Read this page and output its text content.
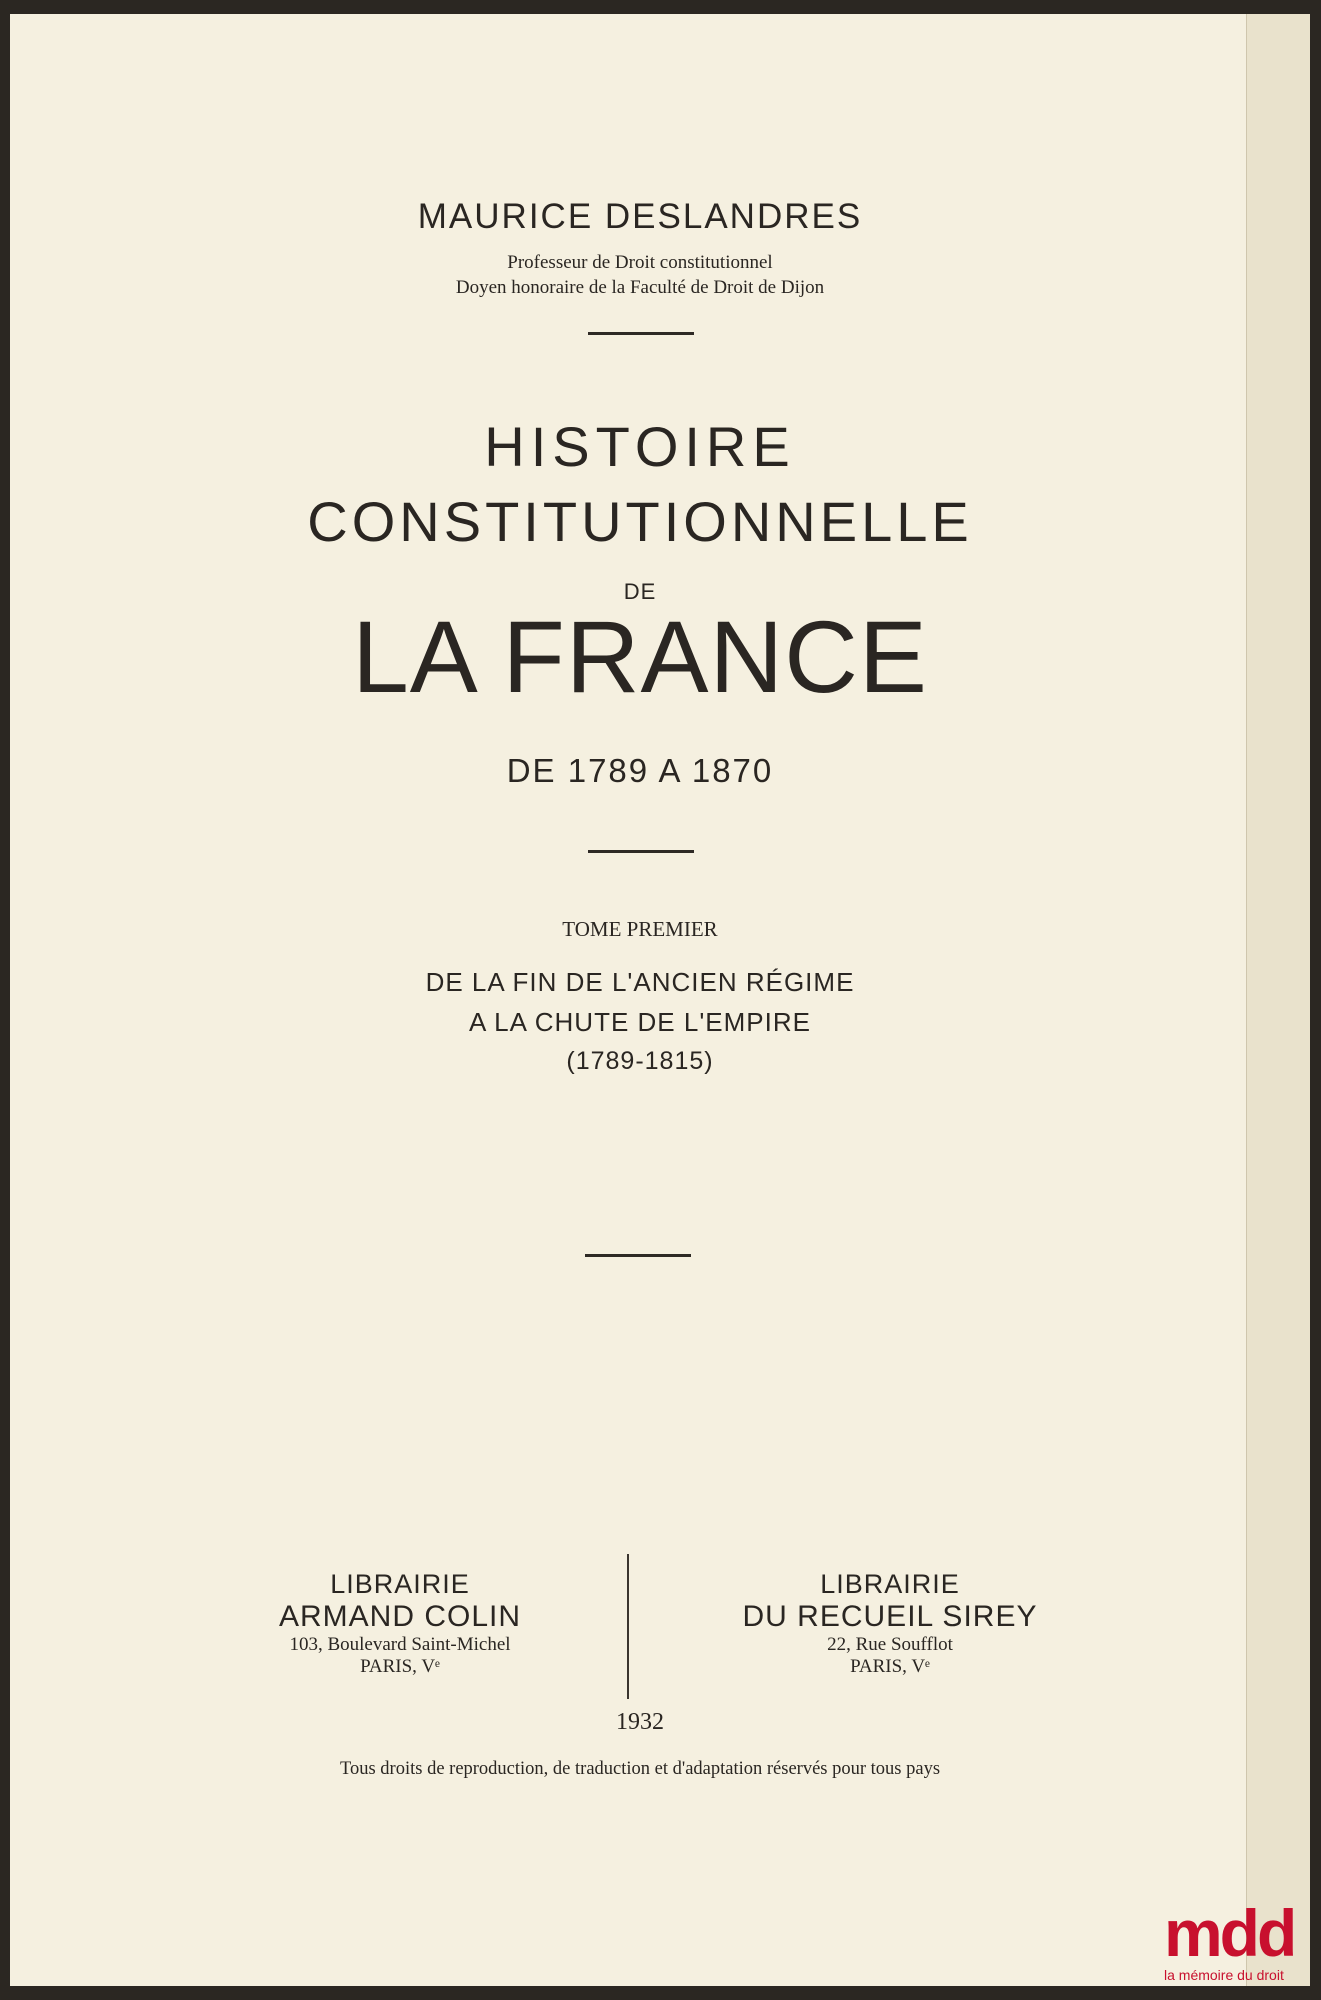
MAURICE DESLANDRES
Professeur de Droit constitutionnel
Doyen honoraire de la Faculté de Droit de Dijon
HISTOIRE
CONSTITUTIONNELLE
DE
LA FRANCE
DE 1789 A 1870
TOME PREMIER
DE LA FIN DE L'ANCIEN RÉGIME
A LA CHUTE DE L'EMPIRE
(1789-1815)
LIBRAIRIE
ARMAND COLIN
103, Boulevard Saint-Michel
PARIS, Vᵉ
LIBRAIRIE
DU RECUEIL SIREY
22, Rue Soufflot
PARIS, Vᵉ
1932
Tous droits de reproduction, de traduction et d'adaptation réservés pour tous pays
mdd
la mémoire du droit
